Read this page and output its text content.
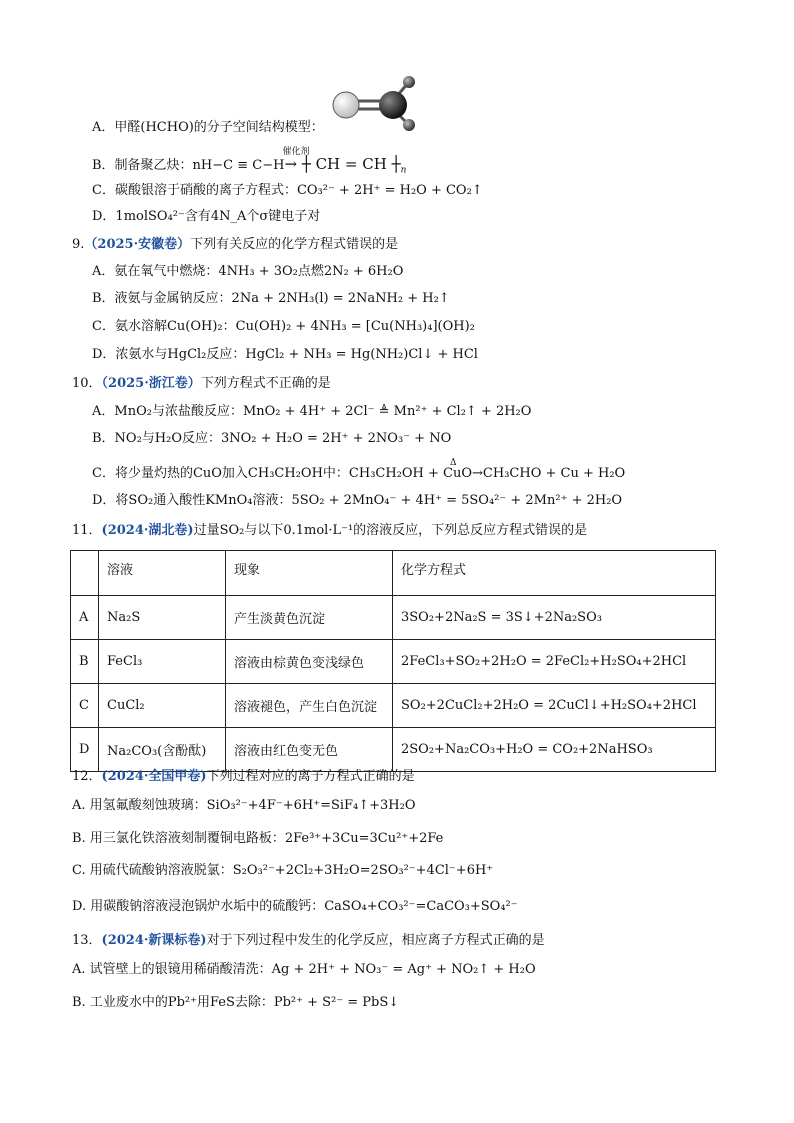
A．甲醛(HCHO)的分子空间结构模型：
B．制备聚乙炔：nH−C ≡ C−H
催化剂
→ ┼ CH = CH $┼_n$
C．碳酸银溶于硝酸的离子方程式：CO₃²⁻ + 2H⁺ = H₂O + CO₂↑
D．1molSO₄²⁻含有4N_A个σ键电子对
9.（2025·安徽卷）下列有关反应的化学方程式错误的是
A．氨在氧气中燃烧：4NH₃ + 3O₂点燃2N₂ + 6H₂O
B．液氨与金属钠反应：2Na + 2NH₃(l) = 2NaNH₂ + H₂↑
C．氨水溶解Cu(OH)₂：Cu(OH)₂ + 4NH₃ = [Cu(NH₃)₄](OH)₂
D．浓氨水与HgCl₂反应：HgCl₂ + NH₃ = Hg(NH₂)Cl↓ + HCl
10．（2025·浙江卷）下列方程式不正确的是
A．MnO₂与浓盐酸反应：MnO₂ + 4H⁺ + 2Cl⁻ ≜ Mn²⁺ + Cl₂↑ + 2H₂O
B．NO₂与H₂O反应：3NO₂ + H₂O = 2H⁺ + 2NO₃⁻ + NO
Δ
C．将少量灼热的CuO加入CH₃CH₂OH中：CH₃CH₂OH + CuO→CH₃CHO + Cu + H₂O
D．将SO₂通入酸性KMnO₄溶液：5SO₂ + 2MnO₄⁻ + 4H⁺ = 5SO₄²⁻ + 2Mn²⁺ + 2H₂O
11．(2024·湖北卷)过量SO₂与以下0.1mol·L⁻¹的溶液反应，下列总反应方程式错误的是
	溶液	现象	化学方程式
A	Na₂S	产生淡黄色沉淀	3SO₂+2Na₂S = 3S↓+2Na₂SO₃
B	FeCl₃	溶液由棕黄色变浅绿色	2FeCl₃+SO₂+2H₂O = 2FeCl₂+H₂SO₄+2HCl
C	CuCl₂	溶液褪色，产生白色沉淀	SO₂+2CuCl₂+2H₂O = 2CuCl↓+H₂SO₄+2HCl
D	Na₂CO₃(含酚酞)	溶液由红色变无色	2SO₂+Na₂CO₃+H₂O = CO₂+2NaHSO₃
12．(2024·全国甲卷)下列过程对应的离子方程式正确的是
A. 用氢氟酸刻蚀玻璃：SiO₃²⁻+4F⁻+6H⁺=SiF₄↑+3H₂O
B. 用三氯化铁溶液刻制覆铜电路板：2Fe³⁺+3Cu=3Cu²⁺+2Fe
C. 用硫代硫酸钠溶液脱氯：S₂O₃²⁻+2Cl₂+3H₂O=2SO₃²⁻+4Cl⁻+6H⁺
D. 用碳酸钠溶液浸泡锅炉水垢中的硫酸钙：CaSO₄+CO₃²⁻=CaCO₃+SO₄²⁻
13．(2024·新课标卷)对于下列过程中发生的化学反应，相应离子方程式正确的是
A. 试管壁上的银镜用稀硝酸清洗：Ag + 2H⁺ + NO₃⁻ = Ag⁺ + NO₂↑ + H₂O
B. 工业废水中的Pb²⁺用FeS去除：Pb²⁺ + S²⁻ = PbS↓
